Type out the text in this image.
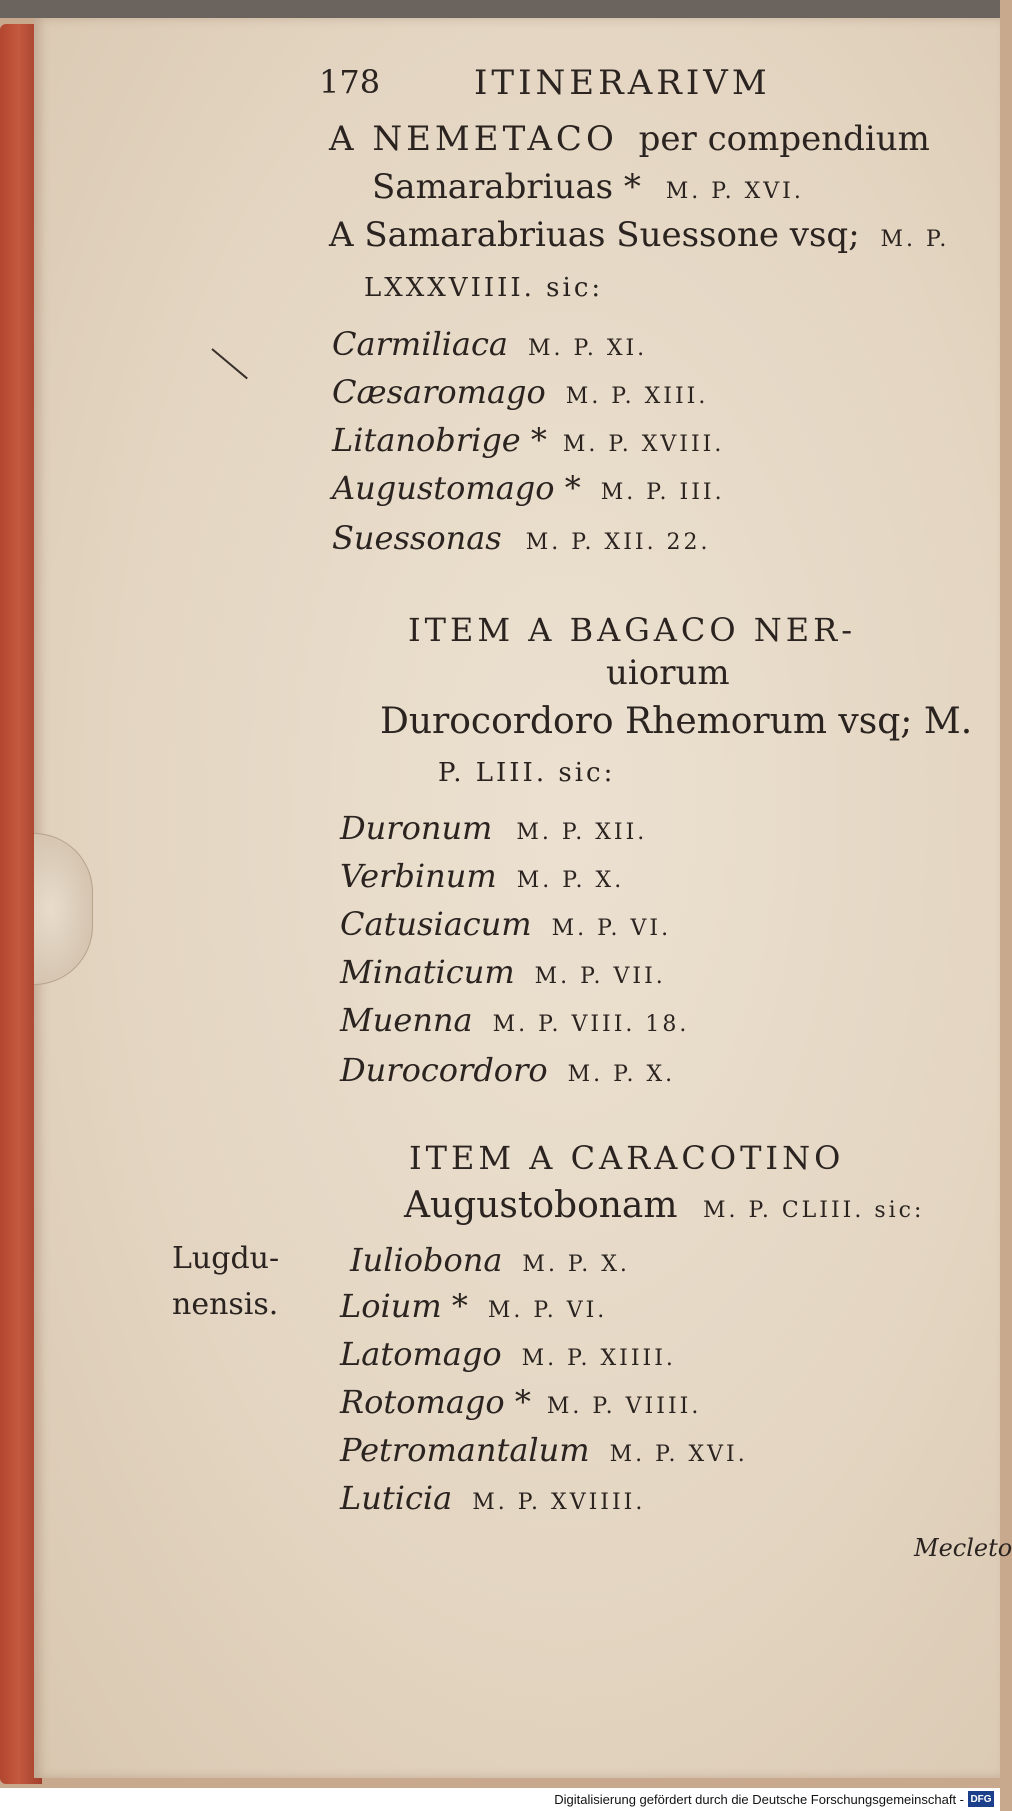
178	ITINERARIVM
A NEMETACO per compendium
Samarabriuas * M. P. XVI.
A Samarabriuas Suessone vsq; M. P.
LXXXVIIII. sic:
Carmiliaca M. P. XI.
Cæsaromago M. P. XIII.
Litanobrige * M. P. XVIII.
Augustomago * M. P. III.
Suessonas M. P. XII. 22.
ITEM A BAGACO NER-
uiorum
Durocordoro Rhemorum vsq; M.
P. LIII. sic:
Duronum M. P. XII.
Verbinum M. P. X.
Catusiacum M. P. VI.
Minaticum M. P. VII.
Muenna M. P. VIII. 18.
Durocordoro M. P. X.
ITEM A CARACOTINO
Augustobonam M. P. CLIII. sic:
Lugdu-
nensis.
Iuliobona M. P. X.
Loium * M. P. VI.
Latomago M. P. XIIII.
Rotomago * M. P. VIIII.
Petromantalum M. P. XVI.
Luticia M. P. XVIIII.
Mecleto
Digitalisierung gefördert durch die Deutsche Forschungsgemeinschaft - DFG
